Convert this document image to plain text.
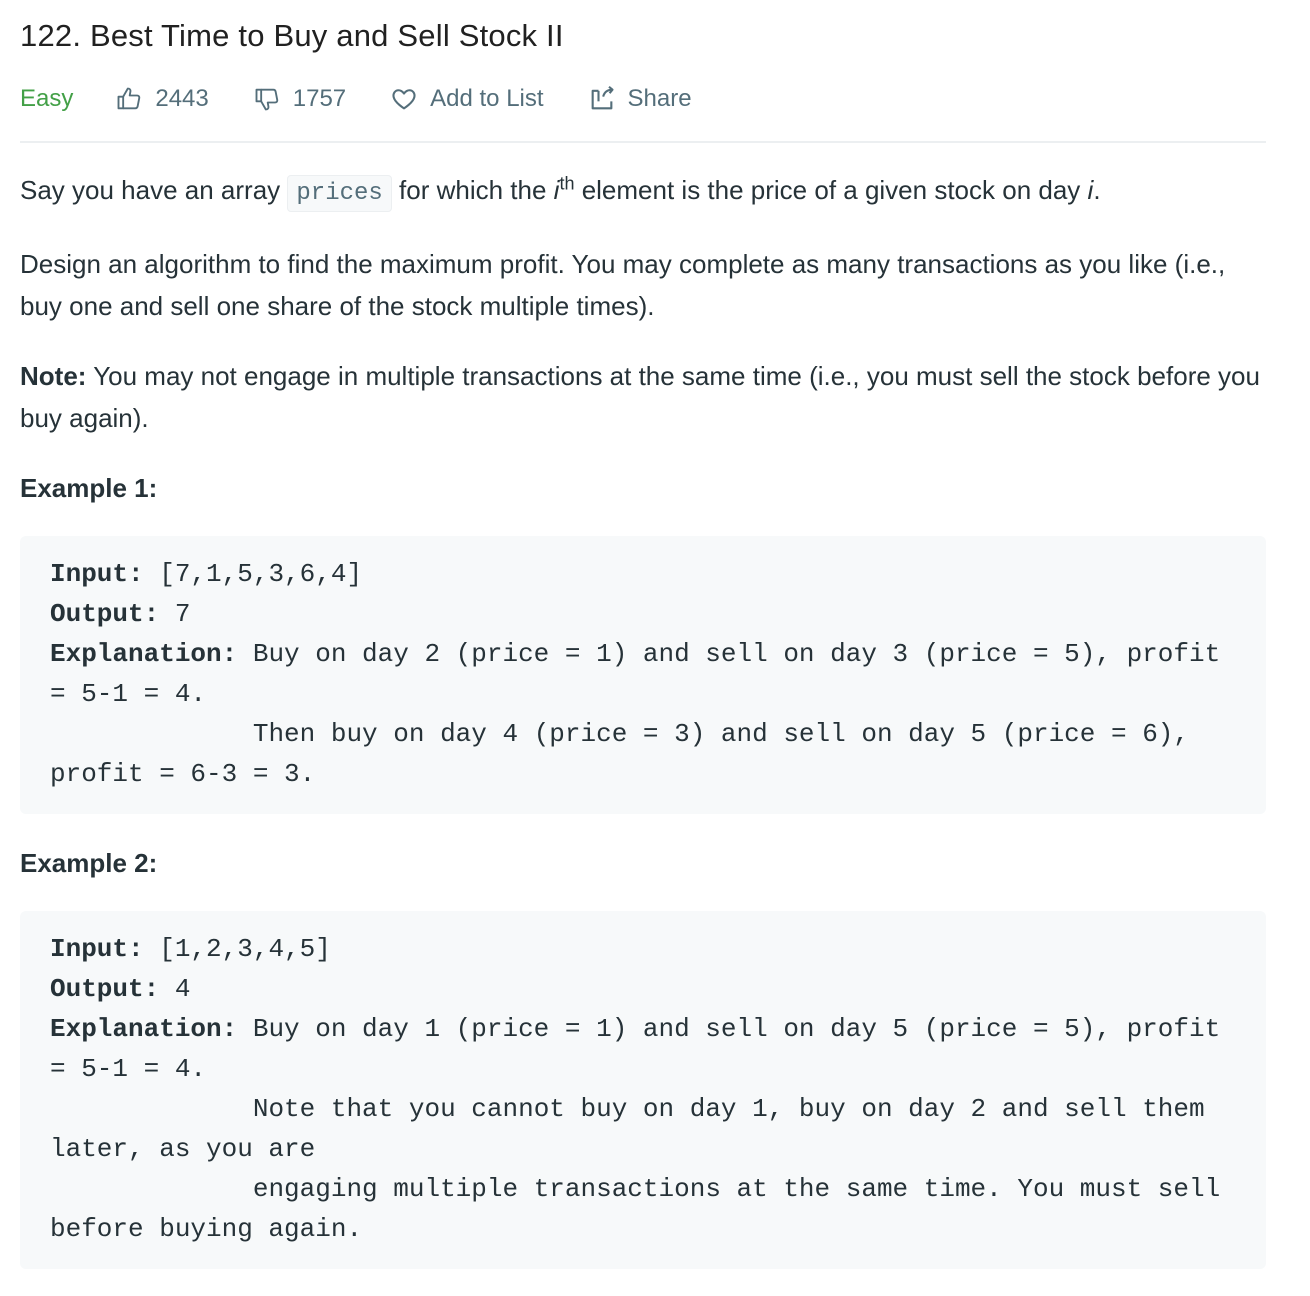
122. Best Time to Buy and Sell Stock II
Easy	2443	1757	Add to List	Share

Say you have an array prices for which the $i^{th}$ element is the price of a given stock on day i.

Design an algorithm to find the maximum profit. You may complete as many transactions as you like (i.e., buy one and sell one share of the stock multiple times).

Note: You may not engage in multiple transactions at the same time (i.e., you must sell the stock before you buy again).

Example 1:

Input: [7,1,5,3,6,4]
Output: 7
Explanation: Buy on day 2 (price = 1) and sell on day 3 (price = 5), profit = 5-1 = 4.
Then buy on day 4 (price = 3) and sell on day 5 (price = 6), profit = 6-3 = 3.

Example 2:

Input: [1,2,3,4,5]
Output: 4
Explanation: Buy on day 1 (price = 1) and sell on day 5 (price = 5), profit = 5-1 = 4.
Note that you cannot buy on day 1, buy on day 2 and sell them later, as you are
engaging multiple transactions at the same time. You must sell before buying again.
